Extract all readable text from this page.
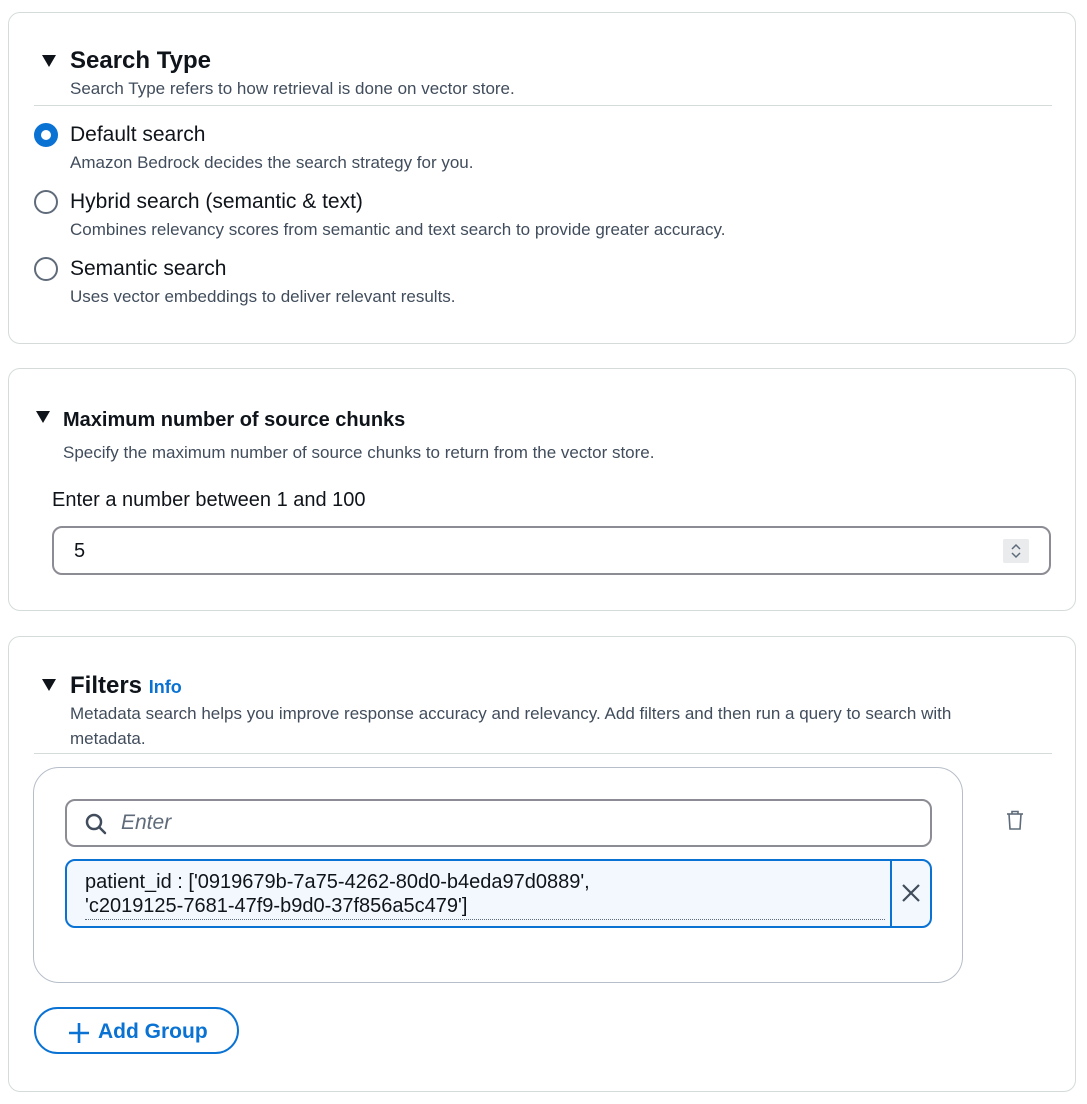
Search Type
Search Type refers to how retrieval is done on vector store.
Default search
Amazon Bedrock decides the search strategy for you.
Hybrid search (semantic & text)
Combines relevancy scores from semantic and text search to provide greater accuracy.
Semantic search
Uses vector embeddings to deliver relevant results.
Maximum number of source chunks
Specify the maximum number of source chunks to return from the vector store.
Enter a number between 1 and 100
5
Filters Info
Metadata search helps you improve response accuracy and relevancy. Add filters and then run a query to search with
metadata.
Enter
patient_id : ['0919679b-7a75-4262-80d0-b4eda97d0889',
'c2019125-7681-47f9-b9d0-37f856a5c479']
Add Group
